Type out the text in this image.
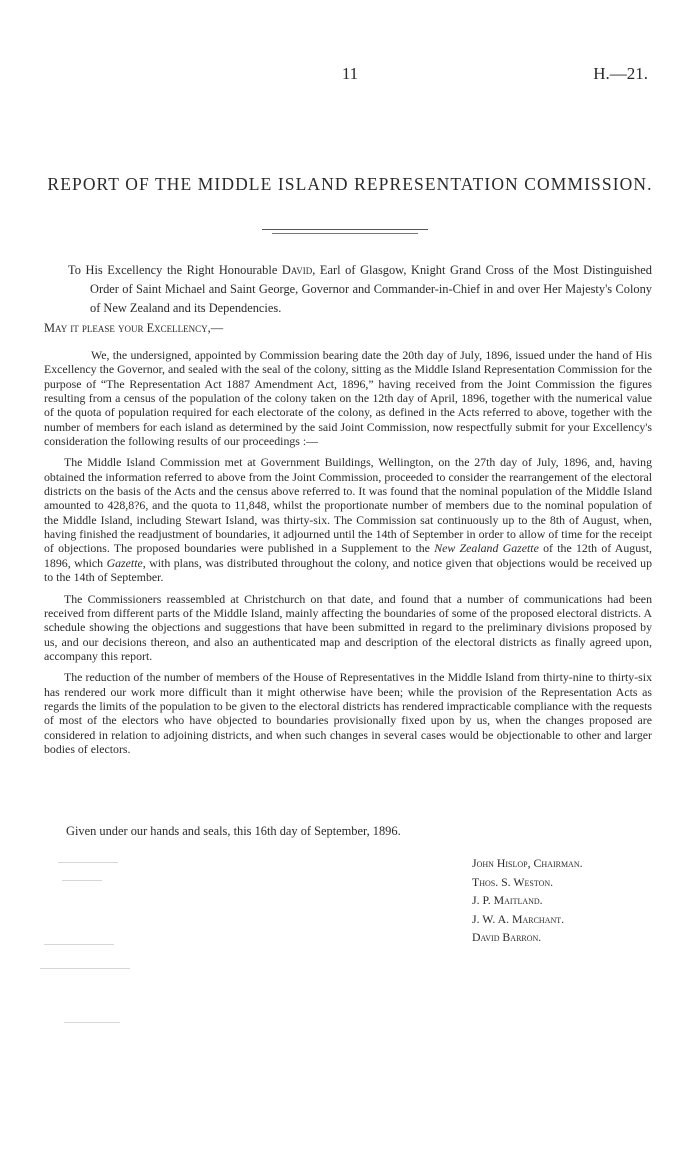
11	H.—21.
REPORT OF THE MIDDLE ISLAND REPRESENTATION COMMISSION.
To His Excellency the Right Honourable David, Earl of Glasgow, Knight Grand Cross of the Most Distinguished Order of Saint Michael and Saint George, Governor and Commander-in-Chief in and over Her Majesty's Colony of New Zealand and its Dependencies.
May it please your Excellency,—

We, the undersigned, appointed by Commission bearing date the 20th day of July, 1896, issued under the hand of His Excellency the Governor, and sealed with the seal of the colony, sitting as the Middle Island Representation Commission for the purpose of “The Representation Act 1887 Amendment Act, 1896,” having received from the Joint Commission the figures resulting from a census of the population of the colony taken on the 12th day of April, 1896, together with the numerical value of the quota of population required for each electorate of the colony, as defined in the Acts referred to above, together with the number of members for each island as determined by the said Joint Commission, now respectfully submit for your Excellency's consideration the following results of our proceedings :—

The Middle Island Commission met at Government Buildings, Wellington, on the 27th day of July, 1896, and, having obtained the information referred to above from the Joint Commission, proceeded to consider the rearrangement of the electoral districts on the basis of the Acts and the census above referred to. It was found that the nominal population of the Middle Island amounted to 428,8?6, and the quota to 11,848, whilst the proportionate number of members due to the nominal population of the Middle Island, including Stewart Island, was thirty-six. The Commission sat continuously up to the 8th of August, when, having finished the readjustment of boundaries, it adjourned until the 14th of September in order to allow of time for the receipt of objections. The proposed boundaries were published in a Supplement to the New Zealand Gazette of the 12th of August, 1896, which Gazette, with plans, was distributed throughout the colony, and notice given that objections would be received up to the 14th of September.

The Commissioners reassembled at Christchurch on that date, and found that a number of communications had been received from different parts of the Middle Island, mainly affecting the boundaries of some of the proposed electoral districts. A schedule showing the objections and suggestions that have been submitted in regard to the preliminary divisions proposed by us, and our decisions thereon, and also an authenticated map and description of the electoral districts as finally agreed upon, accompany this report.

The reduction of the number of members of the House of Representatives in the Middle Island from thirty-nine to thirty-six has rendered our work more difficult than it might otherwise have been; while the provision of the Representation Acts as regards the limits of the population to be given to the electoral districts has rendered impracticable compliance with the requests of most of the electors who have objected to boundaries provisionally fixed upon by us, when the changes proposed are considered in relation to adjoining districts, and when such changes in several cases would be objectionable to other and larger bodies of electors.

Given under our hands and seals, this 16th day of September, 1896.
John Hislop, Chairman.
Thos. S. Weston.
J. P. Maitland.
J. W. A. Marchant.
David Barron.
